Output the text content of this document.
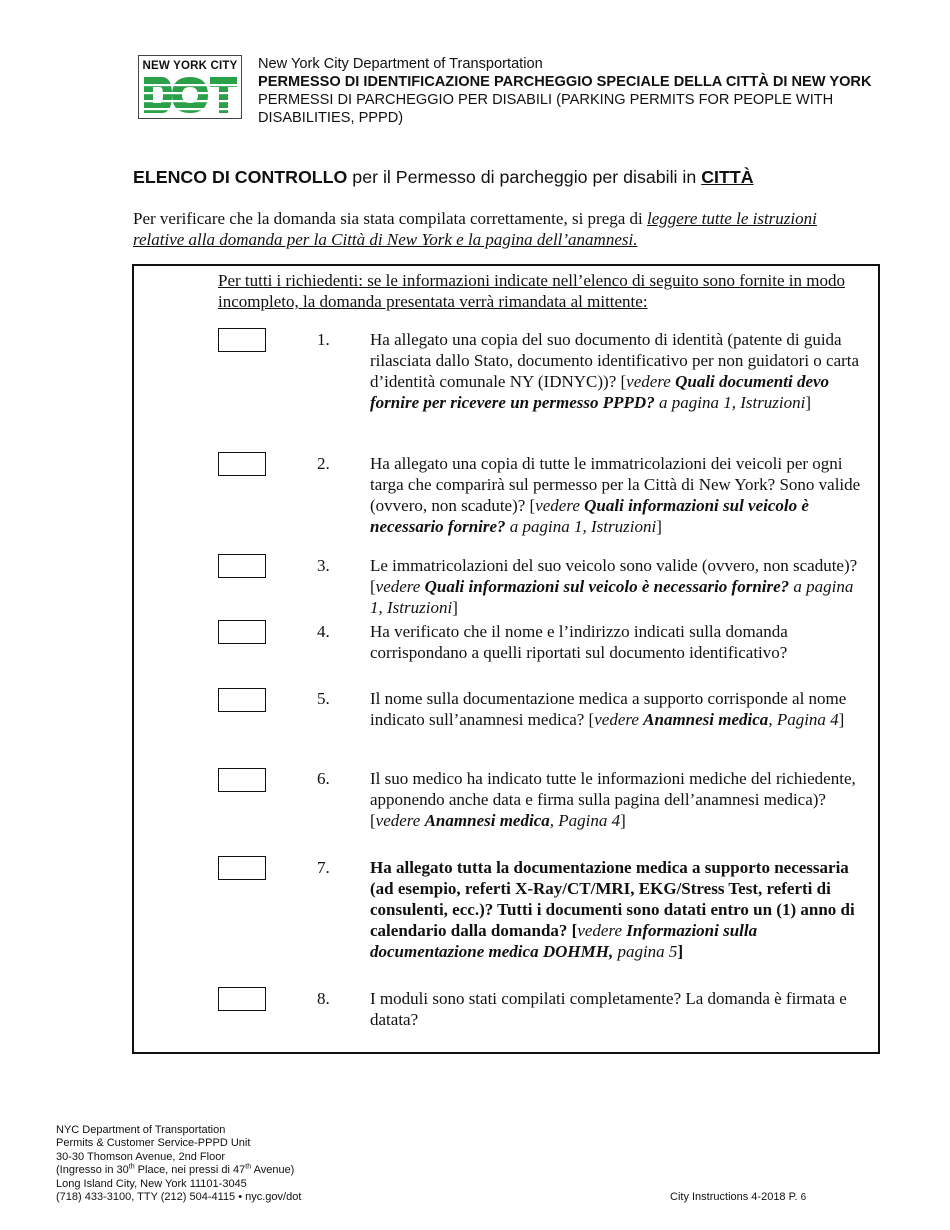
NEW YORK CITY New York City Department of Transportation
PERMESSO DI IDENTIFICAZIONE PARCHEGGIO SPECIALE DELLA CITTÀ DI NEW YORK
PERMESSI DI PARCHEGGIO PER DISABILI (PARKING PERMITS FOR PEOPLE WITH DISABILITIES, PPPD)
ELENCO DI CONTROLLO per il Permesso di parcheggio per disabili in CITTÀ
Per verificare che la domanda sia stata compilata correttamente, si prega di leggere tutte le istruzioni relative alla domanda per la Città di New York e la pagina dell’anamnesi.
Per tutti i richiedenti: se le informazioni indicate nell’elenco di seguito sono fornite in modo incompleto, la domanda presentata verrà rimandata al mittente:
1. Ha allegato una copia del suo documento di identità (patente di guida rilasciata dallo Stato, documento identificativo per non guidatori o carta d’identità comunale NY (IDNYC))? [vedere Quali documenti devo fornire per ricevere un permesso PPPD? a pagina 1, Istruzioni]
2. Ha allegato una copia di tutte le immatricolazioni dei veicoli per ogni targa che comparirà sul permesso per la Città di New York? Sono valide (ovvero, non scadute)? [vedere Quali informazioni sul veicolo è necessario fornire? a pagina 1, Istruzioni]
3. Le immatricolazioni del suo veicolo sono valide (ovvero, non scadute)? [vedere Quali informazioni sul veicolo è necessario fornire? a pagina 1, Istruzioni]
4. Ha verificato che il nome e l’indirizzo indicati sulla domanda corrispondano a quelli riportati sul documento identificativo?
5. Il nome sulla documentazione medica a supporto corrisponde al nome indicato sull’anamnesi medica? [vedere Anamnesi medica, Pagina 4]
6. Il suo medico ha indicato tutte le informazioni mediche del richiedente, apponendo anche data e firma sulla pagina dell’anamnesi medica)? [vedere Anamnesi medica, Pagina 4]
7. Ha allegato tutta la documentazione medica a supporto necessaria (ad esempio, referti X-Ray/CT/MRI, EKG/Stress Test, referti di consulenti, ecc.)? Tutti i documenti sono datati entro un (1) anno di calendario dalla domanda? [vedere Informazioni sulla documentazione medica DOHMH, pagina 5]
8. I moduli sono stati compilati completamente? La domanda è firmata e datata?
NYC Department of Transportation
Permits & Customer Service-PPPD Unit
30-30 Thomson Avenue, 2nd Floor
(Ingresso in 30th Place, nei pressi di 47th Avenue)
Long Island City, New York 11101-3045
(718) 433-3100, TTY (212) 504-4115 • nyc.gov/dot	City Instructions 4-2018 P. 6
